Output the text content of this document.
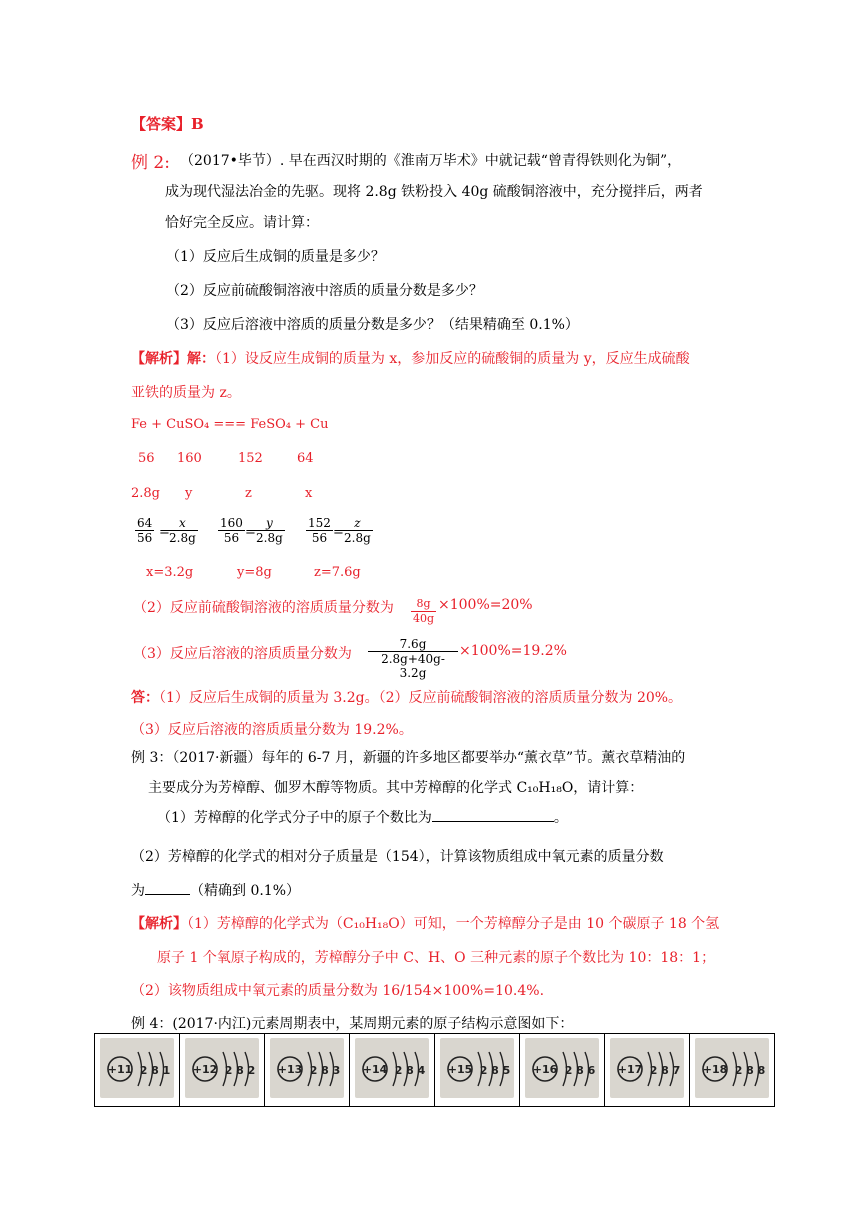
【答案】B
例 2: （2017•毕节）. 早在西汉时期的《淮南万毕术》中就记载“曾青得铁则化为铜”，
成为现代湿法冶金的先驱。现将 2.8g 铁粉投入 40g 硫酸铜溶液中，充分搅拌后，两者
恰好完全反应。请计算：
（1）反应后生成铜的质量是多少？
（2）反应前硫酸铜溶液中溶质的质量分数是多少？
（3）反应后溶液中溶质的质量分数是多少？（结果精确至 0.1%）
【解析】解：（1）设反应生成铜的质量为 x，参加反应的硫酸铜的质量为 y，反应生成硫酸
亚铁的质量为 z。
Fe + CuSO₄ === FeSO₄ + Cu
56 160	152	64
2.8g y	z	x
$\frac{64}{56}$ =
$\frac{x}{2.8g} \frac{160}{56}$ =
$\frac{y}{2.8g} \frac{152}{56}$ =
$\frac{z}{2.8g}$
x=3.2g	y=8g	z=7.6g
（2）反应前硫酸铜溶液的溶质质量分数为 $\frac{8g}{40g} \times 100\%=20\%$
（3）反应后溶液的溶质质量分数为 $\frac{7.6g}{2.8g+40g-3.2g} \times 100\%=19.2\%$
答：（1）反应后生成铜的质量为 3.2g。（2）反应前硫酸铜溶液的溶质质量分数为 20%。
（3）反应后溶液的溶质质量分数为 19.2%。
例 3：（2017·新疆）每年的 6-7 月，新疆的许多地区都要举办“薰衣草”节。薰衣草精油的
主要成分为芳樟醇、伽罗木醇等物质。其中芳樟醇的化学式 C₁₀H₁₈O，请计算：
（1）芳樟醇的化学式分子中的原子个数比为	。
（2）芳樟醇的化学式的相对分子质量是（154），计算该物质组成中氧元素的质量分数
为	（精确到 0.1%）
【解析】（1）芳樟醇的化学式为（C₁₀H₁₈O）可知，一个芳樟醇分子是由 10 个碳原子 18 个氢
原子 1 个氧原子构成的，芳樟醇分子中 C、H、O 三种元素的原子个数比为 10：18：1；
（2）该物质组成中氧元素的质量分数为 16/154×100%=10.4%.
例 4：(2017·内江)元素周期表中，某周期元素的原子结构示意图如下：
+11 2 8 1	+12 2 8 2	+13 2 8 3	+14 2 8 4	+15 2 8 5	+16 2 8 6	+17 2 8 7	+18 2 8 8
